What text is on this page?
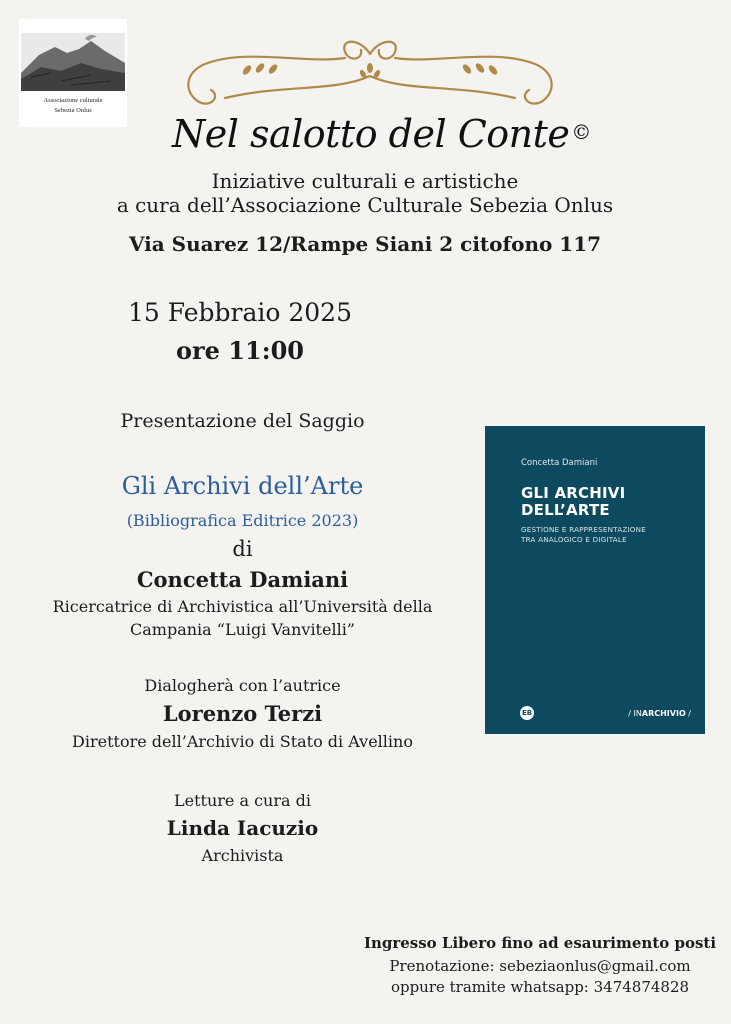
Associazione culturale
Sebezia Onlus
Nel salotto del Conte ©
Iniziative culturali e artistiche
a cura dell’Associazione Culturale Sebezia Onlus
Via Suarez 12/Rampe Siani 2 citofono 117
15 Febbraio 2025
ore 11:00
Presentazione del Saggio
Gli Archivi dell’Arte
(Bibliografica Editrice 2023)
di
Concetta Damiani
Ricercatrice di Archivistica all’Università della
Campania “Luigi Vanvitelli”
Dialogherà con l’autrice
Lorenzo Terzi
Direttore dell’Archivio di Stato di Avellino
Letture a cura di
Linda Iacuzio
Archivista
Concetta Damiani
GLI ARCHIVI
DELL’ARTE
GESTIONE E RAPPRESENTAZIONE
TRA ANALOGICO E DIGITALE
EB	/ INARCHIVIO /
Ingresso Libero fino ad esaurimento posti
Prenotazione: sebeziaonlus@gmail.com
oppure tramite whatsapp: 3474874828
